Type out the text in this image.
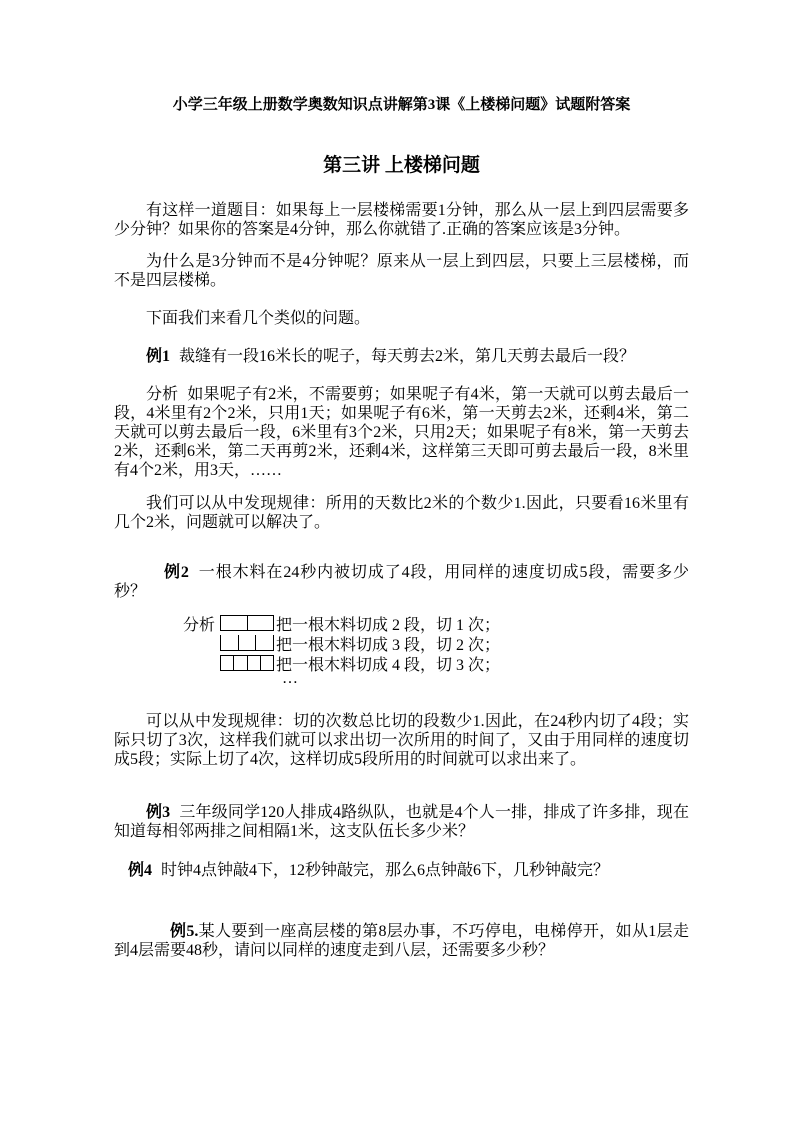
小学三年级上册数学奥数知识点讲解第3课《上楼梯问题》试题附答案
第三讲 上楼梯问题

有这样一道题目：如果每上一层楼梯需要1分钟，那么从一层上到四层需要多少分钟？如果你的答案是4分钟，那么你就错了.正确的答案应该是3分钟。

为什么是3分钟而不是4分钟呢？原来从一层上到四层，只要上三层楼梯，而不是四层楼梯。

下面我们来看几个类似的问题。

例1 裁缝有一段16米长的呢子，每天剪去2米，第几天剪去最后一段？

分析 如果呢子有2米，不需要剪；如果呢子有4米，第一天就可以剪去最后一段，4米里有2个2米，只用1天；如果呢子有6米，第一天剪去2米，还剩4米，第二天就可以剪去最后一段，6米里有3个2米，只用2天；如果呢子有8米，第一天剪去2米，还剩6米，第二天再剪2米，还剩4米，这样第三天即可剪去最后一段，8米里有4个2米，用3天，……

我们可以从中发现规律：所用的天数比2米的个数少1.因此，只要看16米里有几个2米，问题就可以解决了。

例2 一根木料在24秒内被切成了4段，用同样的速度切成5段，需要多少秒？

分析	把一根木料切成 2 段，切 1 次；
把一根木料切成 3 段，切 2 次；
把一根木料切成 4 段，切 3 次；
…

可以从中发现规律：切的次数总比切的段数少1.因此，在24秒内切了4段；实际只切了3次，这样我们就可以求出切一次所用的时间了，又由于用同样的速度切成5段；实际上切了4次，这样切成5段所用的时间就可以求出来了。

例3 三年级同学120人排成4路纵队，也就是4个人一排，排成了许多排，现在知道每相邻两排之间相隔1米，这支队伍长多少米？

例4 时钟4点钟敲4下，12秒钟敲完，那么6点钟敲6下，几秒钟敲完？

例5.某人要到一座高层楼的第8层办事，不巧停电，电梯停开，如从1层走到4层需要48秒，请问以同样的速度走到八层，还需要多少秒？
